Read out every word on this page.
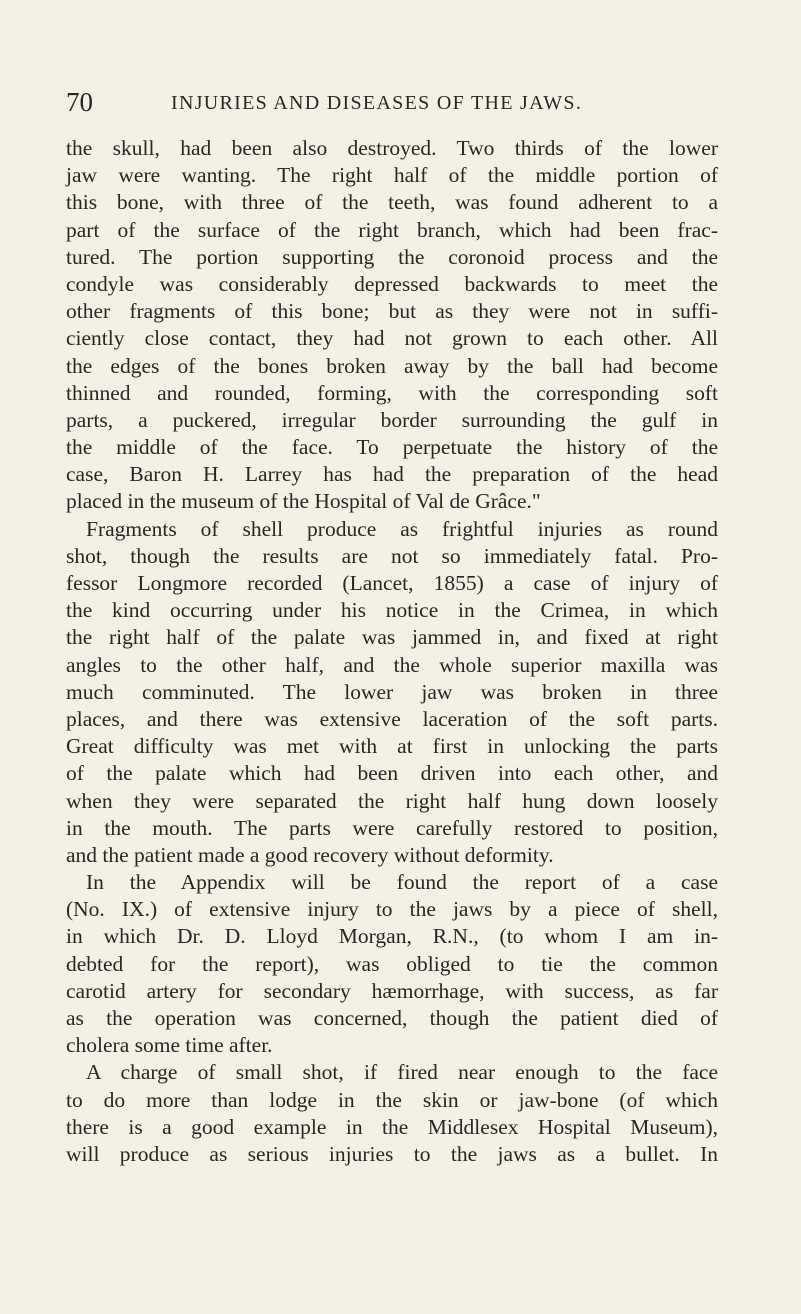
70	INJURIES AND DISEASES OF THE JAWS.
the skull, had been also destroyed. Two thirds of the lower
jaw were wanting. The right half of the middle portion of
this bone, with three of the teeth, was found adherent to a
part of the surface of the right branch, which had been frac-
tured. The portion supporting the coronoid process and the
condyle was considerably depressed backwards to meet the
other fragments of this bone; but as they were not in suffi-
ciently close contact, they had not grown to each other. All
the edges of the bones broken away by the ball had become
thinned and rounded, forming, with the corresponding soft
parts, a puckered, irregular border surrounding the gulf in
the middle of the face. To perpetuate the history of the
case, Baron H. Larrey has had the preparation of the head
placed in the museum of the Hospital of Val de Grâce."
Fragments of shell produce as frightful injuries as round
shot, though the results are not so immediately fatal. Pro-
fessor Longmore recorded (Lancet, 1855) a case of injury of
the kind occurring under his notice in the Crimea, in which
the right half of the palate was jammed in, and fixed at right
angles to the other half, and the whole superior maxilla was
much comminuted. The lower jaw was broken in three
places, and there was extensive laceration of the soft parts.
Great difficulty was met with at first in unlocking the parts
of the palate which had been driven into each other, and
when they were separated the right half hung down loosely
in the mouth. The parts were carefully restored to position,
and the patient made a good recovery without deformity.
In the Appendix will be found the report of a case
(No. IX.) of extensive injury to the jaws by a piece of shell,
in which Dr. D. Lloyd Morgan, R.N., (to whom I am in-
debted for the report), was obliged to tie the common
carotid artery for secondary hæmorrhage, with success, as far
as the operation was concerned, though the patient died of
cholera some time after.
A charge of small shot, if fired near enough to the face
to do more than lodge in the skin or jaw-bone (of which
there is a good example in the Middlesex Hospital Museum),
will produce as serious injuries to the jaws as a bullet. In
